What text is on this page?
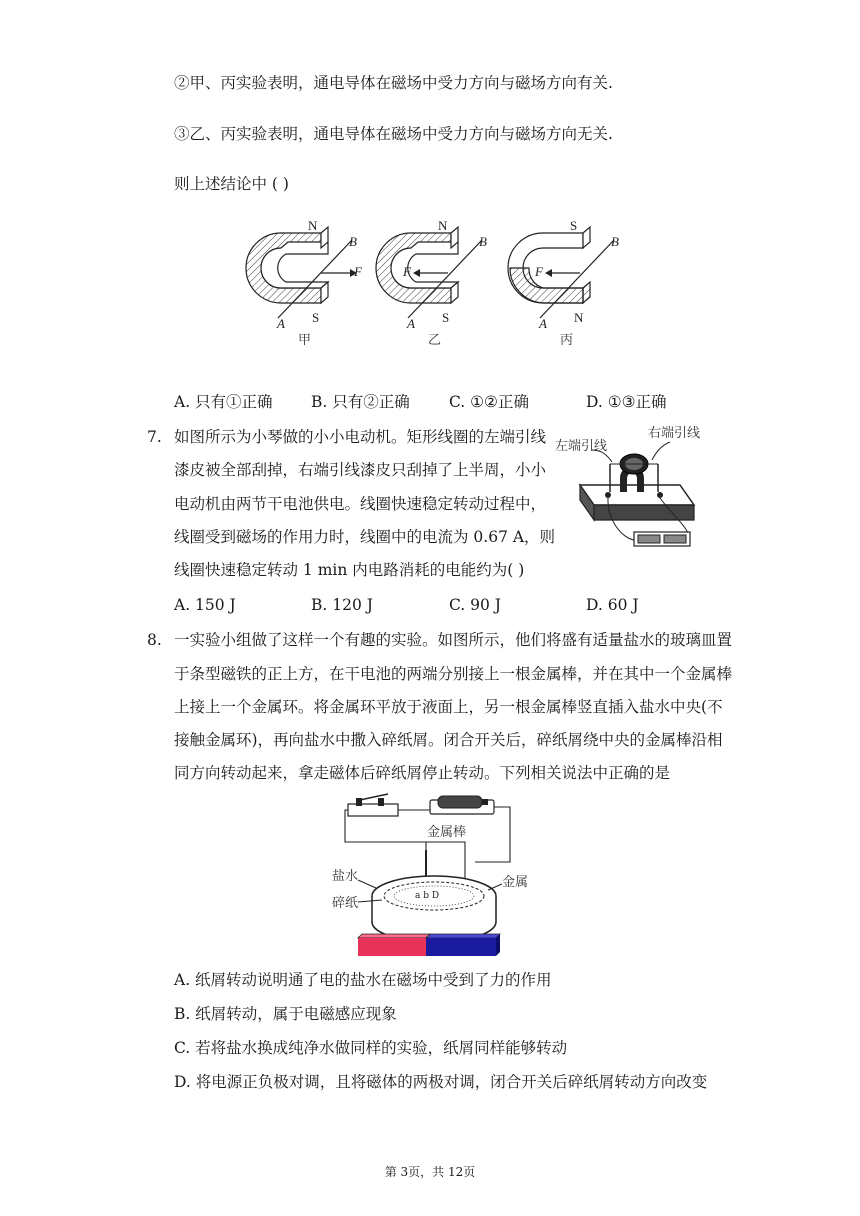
②甲、丙实验表明，通电导体在磁场中受力方向与磁场方向有关.
③乙、丙实验表明，通电导体在磁场中受力方向与磁场方向无关.
则上述结论中 ( )
N
S
A
B
F
甲
N
S
A
B
F
乙
S
N
A
B
F
丙
A. 只有①正确 B. 只有②正确	C. ①②正确	D. ①③正确
7. 如图所示为小琴做的小小电动机。矩形线圈的左端引线
漆皮被全部刮掉，右端引线漆皮只刮掉了上半周，小小
电动机由两节干电池供电。线圈快速稳定转动过程中，
线圈受到磁场的作用力时，线圈中的电流为 0.67 A，则
线圈快速稳定转动 1 min 内电路消耗的电能约为( )
左端引线
右端引线
A. 150 J	B. 120 J	C. 90 J	D. 60 J
8. 一实验小组做了这样一个有趣的实验。如图所示，他们将盛有适量盐水的玻璃皿置
于条型磁铁的正上方，在干电池的两端分别接上一根金属棒，并在其中一个金属棒
上接上一个金属环。将金属环平放于液面上，另一根金属棒竖直插入盐水中央(不
接触金属环)，再向盐水中撒入碎纸屑。闭合开关后，碎纸屑绕中央的金属棒沿相
同方向转动起来，拿走磁体后碎纸屑停止转动。下列相关说法中正确的是
a b D
金属棒
盐水
碎纸
金属
A. 纸屑转动说明通了电的盐水在磁场中受到了力的作用
B. 纸屑转动，属于电磁感应现象
C. 若将盐水换成纯净水做同样的实验，纸屑同样能够转动
D. 将电源正负极对调，且将磁体的两极对调，闭合开关后碎纸屑转动方向改变
第 3页，共 12页
